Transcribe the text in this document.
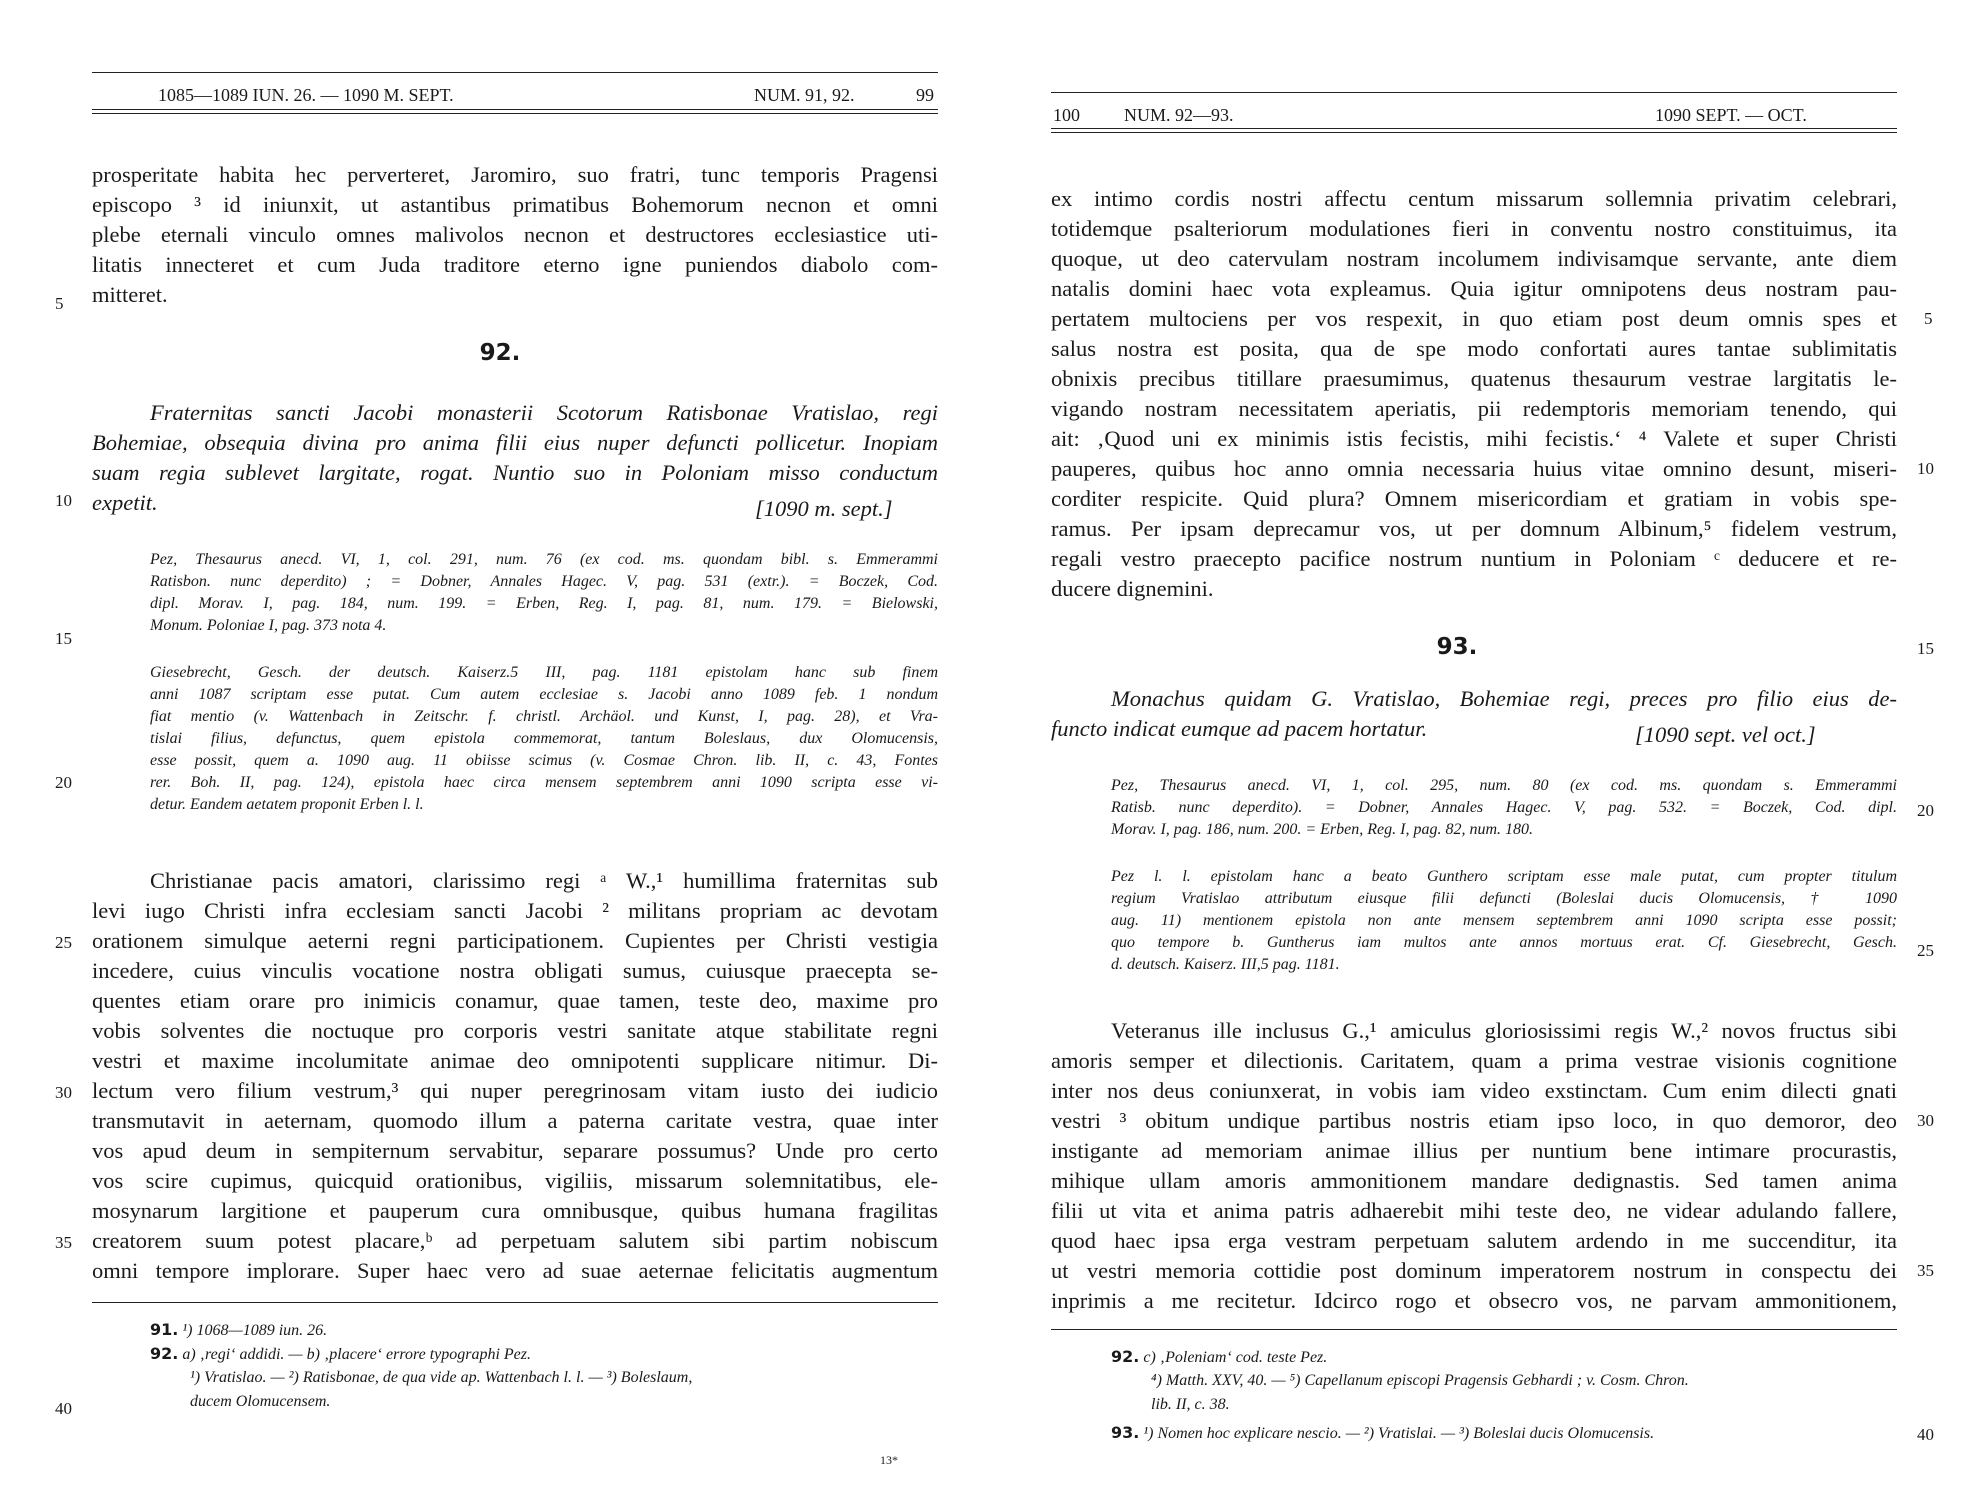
1085—1089 IUN. 26. — 1090 M. SEPT.	NUM. 91, 92.	99
prosperitate habita hec perverteret, Jaromiro, suo fratri, tunc temporis Pragensi
episcopo ³ id iniunxit, ut astantibus primatibus Bohemorum necnon et omni
plebe eternali vinculo omnes malivolos necnon et destructores ecclesiastice uti-
litatis innecteret et cum Juda traditore eterno igne puniendos diabolo com-
mitteret.
92.
Fraternitas sancti Jacobi monasterii Scotorum Ratisbonae Vratislao, regi
Bohemiae, obsequia divina pro anima filii eius nuper defuncti pollicetur. Inopiam
suam regia sublevet largitate, rogat. Nuntio suo in Poloniam misso conductum
expetit.	[1090 m. sept.]
Pez, Thesaurus anecd. VI, 1, col. 291, num. 76 (ex cod. ms. quondam bibl. s. Emmerammi
Ratisbon. nunc deperdito) ; = Dobner, Annales Hagec. V, pag. 531 (extr.). = Boczek, Cod.
dipl. Morav. I, pag. 184, num. 199. = Erben, Reg. I, pag. 81, num. 179. = Bielowski,
Monum. Poloniae I, pag. 373 nota 4.
Giesebrecht, Gesch. der deutsch. Kaiserz.5 III, pag. 1181 epistolam hanc sub finem
anni 1087 scriptam esse putat. Cum autem ecclesiae s. Jacobi anno 1089 feb. 1 nondum
fiat mentio (v. Wattenbach in Zeitschr. f. christl. Archäol. und Kunst, I, pag. 28), et Vra-
tislai filius, defunctus, quem epistola commemorat, tantum Boleslaus, dux Olomucensis,
esse possit, quem a. 1090 aug. 11 obiisse scimus (v. Cosmae Chron. lib. II, c. 43, Fontes
rer. Boh. II, pag. 124), epistola haec circa mensem septembrem anni 1090 scripta esse vi-
detur. Eandem aetatem proponit Erben l. l.
Christianae pacis amatori, clarissimo regi ᵃ W.,¹ humillima fraternitas sub
levi iugo Christi infra ecclesiam sancti Jacobi ² militans propriam ac devotam
orationem simulque aeterni regni participationem. Cupientes per Christi vestigia
incedere, cuius vinculis vocatione nostra obligati sumus, cuiusque praecepta se-
quentes etiam orare pro inimicis conamur, quae tamen, teste deo, maxime pro
vobis solventes die noctuque pro corporis vestri sanitate atque stabilitate regni
vestri et maxime incolumitate animae deo omnipotenti supplicare nitimur. Di-
lectum vero filium vestrum,³ qui nuper peregrinosam vitam iusto dei iudicio
transmutavit in aeternam, quomodo illum a paterna caritate vestra, quae inter
vos apud deum in sempiternum servabitur, separare possumus? Unde pro certo
vos scire cupimus, quicquid orationibus, vigiliis, missarum solemnitatibus, ele-
mosynarum largitione et pauperum cura omnibusque, quibus humana fragilitas
creatorem suum potest placare,ᵇ ad perpetuam salutem sibi partim nobiscum
omni tempore implorare. Super haec vero ad suae aeternae felicitatis augmentum
91. ¹) 1068—1089 iun. 26.
92. a) ‚regi‘ addidi. — b) ‚placere‘ errore typographi Pez.
¹) Vratislao. — ²) Ratisbonae, de qua vide ap. Wattenbach l. l. — ³) Boleslaum,
ducem Olomucensem.
13*
5
10
15
20
25
30
35
40
100 NUM. 92—93.	1090 SEPT. — OCT.
ex intimo cordis nostri affectu centum missarum sollemnia privatim celebrari,
totidemque psalteriorum modulationes fieri in conventu nostro constituimus, ita
quoque, ut deo catervulam nostram incolumem indivisamque servante, ante diem
natalis domini haec vota expleamus. Quia igitur omnipotens deus nostram pau-
pertatem multociens per vos respexit, in quo etiam post deum omnis spes et
salus nostra est posita, qua de spe modo confortati aures tantae sublimitatis
obnixis precibus titillare praesumimus, quatenus thesaurum vestrae largitatis le-
vigando nostram necessitatem aperiatis, pii redemptoris memoriam tenendo, qui
ait: ‚Quod uni ex minimis istis fecistis, mihi fecistis.‘ ⁴ Valete et super Christi
pauperes, quibus hoc anno omnia necessaria huius vitae omnino desunt, miseri-
corditer respicite. Quid plura? Omnem misericordiam et gratiam in vobis spe-
ramus. Per ipsam deprecamur vos, ut per domnum Albinum,⁵ fidelem vestrum,
regali vestro praecepto pacifice nostrum nuntium in Poloniam ᶜ deducere et re-
ducere dignemini.
93.
Monachus quidam G. Vratislao, Bohemiae regi, preces pro filio eius de-
functo indicat eumque ad pacem hortatur.	[1090 sept. vel oct.]
Pez, Thesaurus anecd. VI, 1, col. 295, num. 80 (ex cod. ms. quondam s. Emmerammi
Ratisb. nunc deperdito). = Dobner, Annales Hagec. V, pag. 532. = Boczek, Cod. dipl.
Morav. I, pag. 186, num. 200. = Erben, Reg. I, pag. 82, num. 180.
Pez l. l. epistolam hanc a beato Gunthero scriptam esse male putat, cum propter titulum
regium Vratislao attributum eiusque filii defuncti (Boleslai ducis Olomucensis, † 1090
aug. 11) mentionem epistola non ante mensem septembrem anni 1090 scripta esse possit;
quo tempore b. Guntherus iam multos ante annos mortuus erat. Cf. Giesebrecht, Gesch.
d. deutsch. Kaiserz. III,5 pag. 1181.
Veteranus ille inclusus G.,¹ amiculus gloriosissimi regis W.,² novos fructus sibi
amoris semper et dilectionis. Caritatem, quam a prima vestrae visionis cognitione
inter nos deus coniunxerat, in vobis iam video exstinctam. Cum enim dilecti gnati
vestri ³ obitum undique partibus nostris etiam ipso loco, in quo demoror, deo
instigante ad memoriam animae illius per nuntium bene intimare procurastis,
mihique ullam amoris ammonitionem mandare dedignastis. Sed tamen anima
filii ut vita et anima patris adhaerebit mihi teste deo, ne videar adulando fallere,
quod haec ipsa erga vestram perpetuam salutem ardendo in me succenditur, ita
ut vestri memoria cottidie post dominum imperatorem nostrum in conspectu dei
inprimis a me recitetur. Idcirco rogo et obsecro vos, ne parvam ammonitionem,
92. c) ‚Poleniam‘ cod. teste Pez.
⁴) Matth. XXV, 40. — ⁵) Capellanum episcopi Pragensis Gebhardi ; v. Cosm. Chron.
lib. II, c. 38.
93. ¹) Nomen hoc explicare nescio. — ²) Vratislai. — ³) Boleslai ducis Olomucensis.
5
10
15
20
25
30
35
40
